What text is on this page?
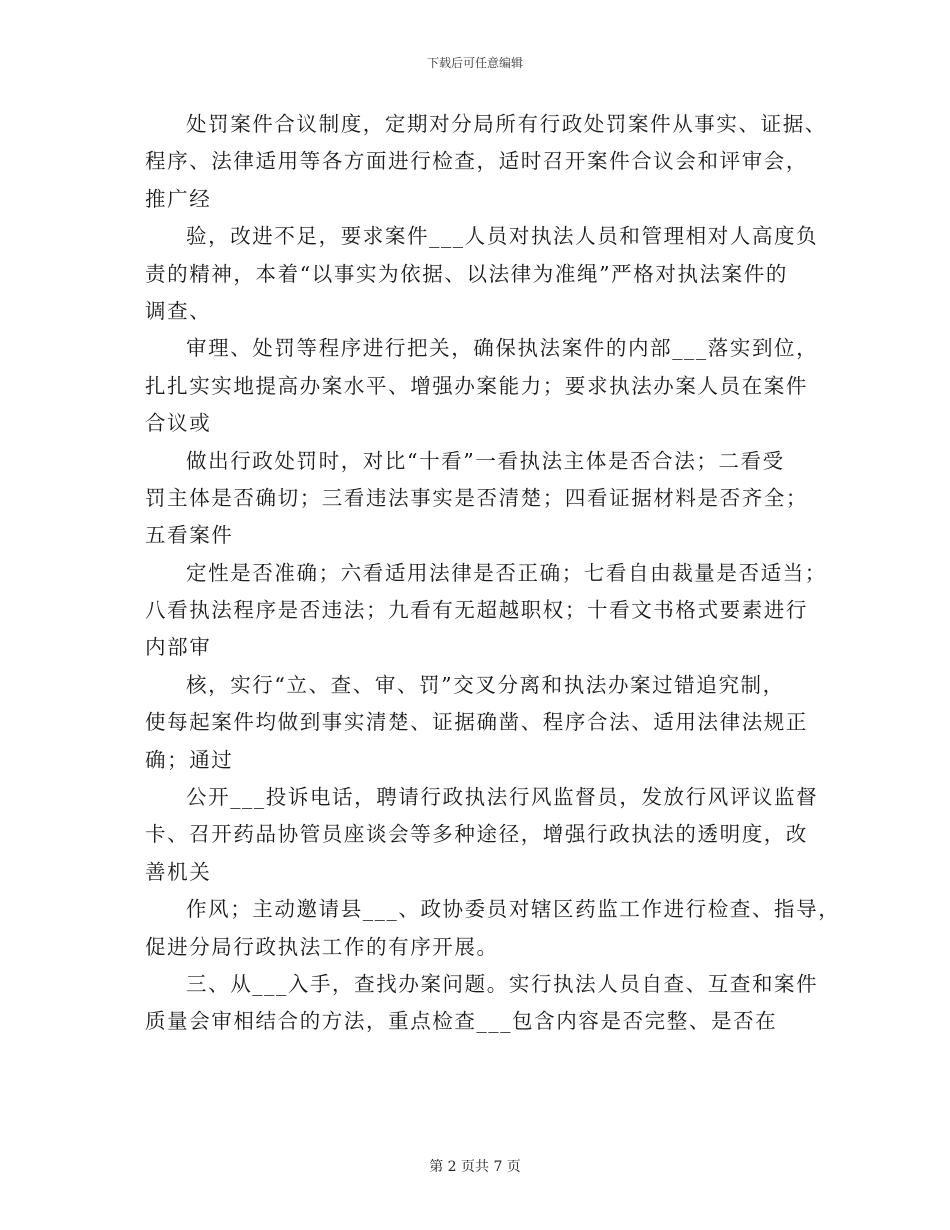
下载后可任意编辑
处罚案件合议制度，定期对分局所有行政处罚案件从事实、证据、
程序、法律适用等各方面进行检查，适时召开案件合议会和评审会，
推广经
验，改进不足，要求案件___人员对执法人员和管理相对人高度负
责的精神，本着“以事实为依据、以法律为准绳”严格对执法案件的
调查、
审理、处罚等程序进行把关，确保执法案件的内部___落实到位，
扎扎实实地提高办案水平、增强办案能力；要求执法办案人员在案件
合议或
做出行政处罚时，对比“十看”一看执法主体是否合法；二看受
罚主体是否确切；三看违法事实是否清楚；四看证据材料是否齐全；
五看案件
定性是否准确；六看适用法律是否正确；七看自由裁量是否适当；
八看执法程序是否违法；九看有无超越职权；十看文书格式要素进行
内部审
核，实行“立、查、审、罚”交叉分离和执法办案过错追究制，
使每起案件均做到事实清楚、证据确凿、程序合法、适用法律法规正
确；通过
公开___投诉电话，聘请行政执法行风监督员，发放行风评议监督
卡、召开药品协管员座谈会等多种途径，增强行政执法的透明度，改
善机关
作风；主动邀请县___、政协委员对辖区药监工作进行检查、指导，
促进分局行政执法工作的有序开展。
三、从___入手，查找办案问题。实行执法人员自查、互查和案件
质量会审相结合的方法，重点检查___包含内容是否完整、是否在
第 2 页共 7 页
